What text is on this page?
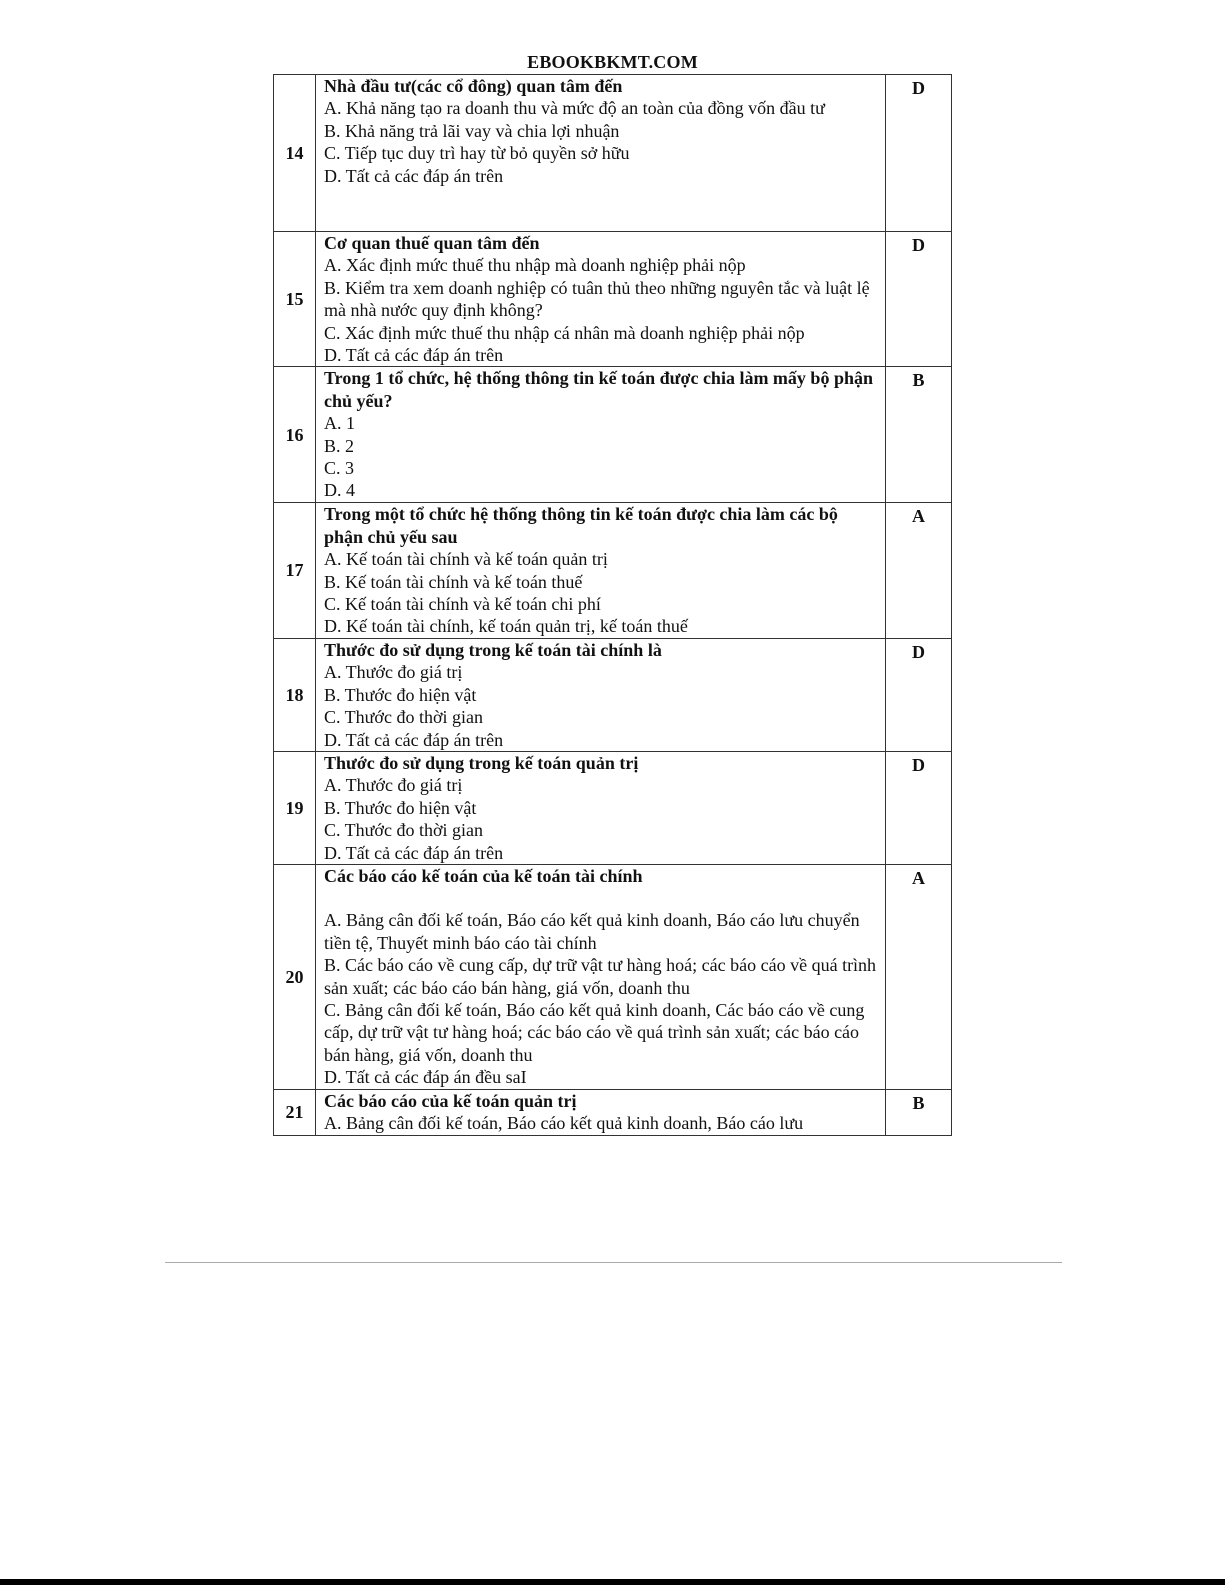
EBOOKBKMT.COM
14	Nhà đầu tư(các cổ đông) quan tâm đến
A. Khả năng tạo ra doanh thu và mức độ an toàn của đồng vốn đầu tư
B. Khả năng trả lãi vay và chia lợi nhuận
C. Tiếp tục duy trì hay từ bỏ quyền sở hữu
D. Tất cả các đáp án trên	D
15	Cơ quan thuế quan tâm đến
A. Xác định mức thuế thu nhập mà doanh nghiệp phải nộp
B. Kiểm tra xem doanh nghiệp có tuân thủ theo những nguyên tắc và luật lệ mà nhà nước quy định không?
C. Xác định mức thuế thu nhập cá nhân mà doanh nghiệp phải nộp
D. Tất cả các đáp án trên	D
16	Trong 1 tổ chức, hệ thống thông tin kế toán được chia làm mấy bộ phận chủ yếu?
A. 1
B. 2
C. 3
D. 4	B
17	Trong một tổ chức hệ thống thông tin kế toán được chia làm các bộ phận chủ yếu sau
A. Kế toán tài chính và kế toán quản trị
B. Kế toán tài chính và kế toán thuế
C. Kế toán tài chính và kế toán chi phí
D. Kế toán tài chính, kế toán quản trị, kế toán thuế	A
18	Thước đo sử dụng trong kế toán tài chính là
A. Thước đo giá trị
B. Thước đo hiện vật
C. Thước đo thời gian
D. Tất cả các đáp án trên	D
19	Thước đo sử dụng trong kế toán quản trị
A. Thước đo giá trị
B. Thước đo hiện vật
C. Thước đo thời gian
D. Tất cả các đáp án trên	D
20	Các báo cáo kế toán của kế toán tài chính
A. Bảng cân đối kế toán, Báo cáo kết quả kinh doanh, Báo cáo lưu chuyển tiền tệ, Thuyết minh báo cáo tài chính
B. Các báo cáo về cung cấp, dự trữ vật tư hàng hoá; các báo cáo về quá trình sản xuất; các báo cáo bán hàng, giá vốn, doanh thu
C. Bảng cân đối kế toán, Báo cáo kết quả kinh doanh, Các báo cáo về cung cấp, dự trữ vật tư hàng hoá; các báo cáo về quá trình sản xuất; các báo cáo bán hàng, giá vốn, doanh thu
D. Tất cả các đáp án đều saI	A
21	Các báo cáo của kế toán quản trị
A. Bảng cân đối kế toán, Báo cáo kết quả kinh doanh, Báo cáo lưu	B
